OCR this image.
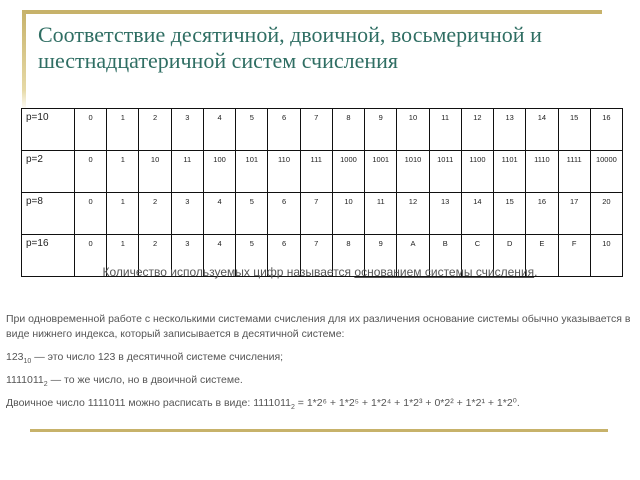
Соответствие десятичной, двоичной, восьмеричной и шестнадцатеричной систем счисления
p=10	0	1	2	3	4	5	6	7	8	9	10	11	12	13	14	15	16
p=2	0	1	10	11	100	101	110	111	1000	1001	1010	1011	1100	1101	1110	1111	10000
p=8	0	1	2	3	4	5	6	7	10	11	12	13	14	15	16	17	20
p=16	0	1	2	3	4	5	6	7	8	9	A	B	C	D	E	F	10
Количество используемых цифр называется основанием системы счисления.
При одновременной работе с несколькими системами счисления для их различения основание системы обычно указывается в виде нижнего индекса, который записывается в десятичной системе:
$123_{10}$ — это число 123 в десятичной системе счисления;
$1111011_2$ — то же число, но в двоичной системе.
Двоичное число 1111011 можно расписать в виде: $1111011_2 = 1*2^6 + 1*2^5 + 1*2^4 + 1*2^3 + 0*2^2 + 1*2^1 + 1*2^0$.
